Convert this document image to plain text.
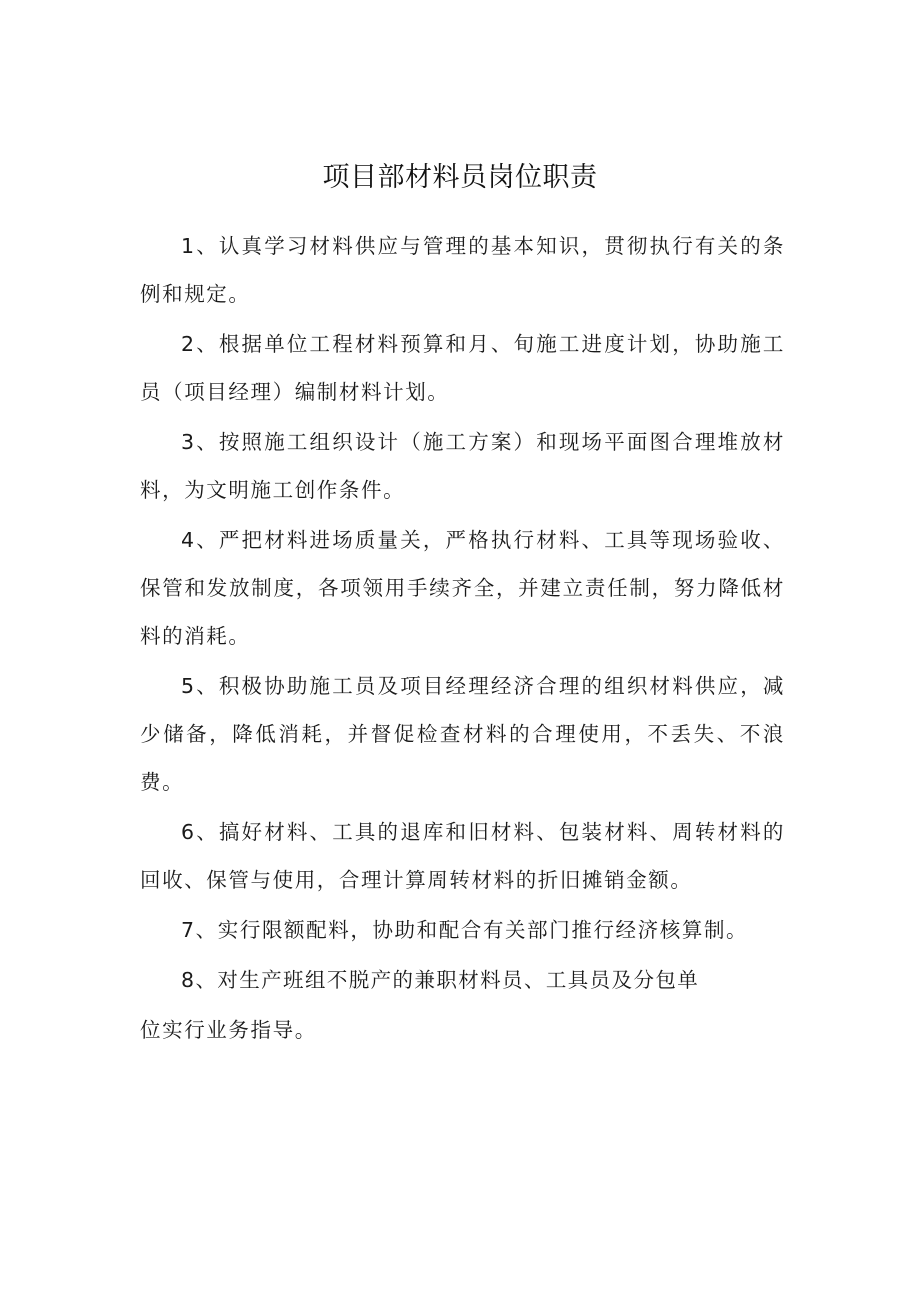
项目部材料员岗位职责

1、认真学习材料供应与管理的基本知识，贯彻执行有关的条例和规定。

2、根据单位工程材料预算和月、旬施工进度计划，协助施工员（项目经理）编制材料计划。

3、按照施工组织设计（施工方案）和现场平面图合理堆放材料，为文明施工创作条件。

4、严把材料进场质量关，严格执行材料、工具等现场验收、保管和发放制度，各项领用手续齐全，并建立责任制，努力降低材料的消耗。

5、积极协助施工员及项目经理经济合理的组织材料供应，减少储备，降低消耗，并督促检查材料的合理使用，不丢失、不浪费。

6、搞好材料、工具的退库和旧材料、包装材料、周转材料的回收、保管与使用，合理计算周转材料的折旧摊销金额。

7、实行限额配料，协助和配合有关部门推行经济核算制。

8、对生产班组不脱产的兼职材料员、工具员及分包单

位实行业务指导。
